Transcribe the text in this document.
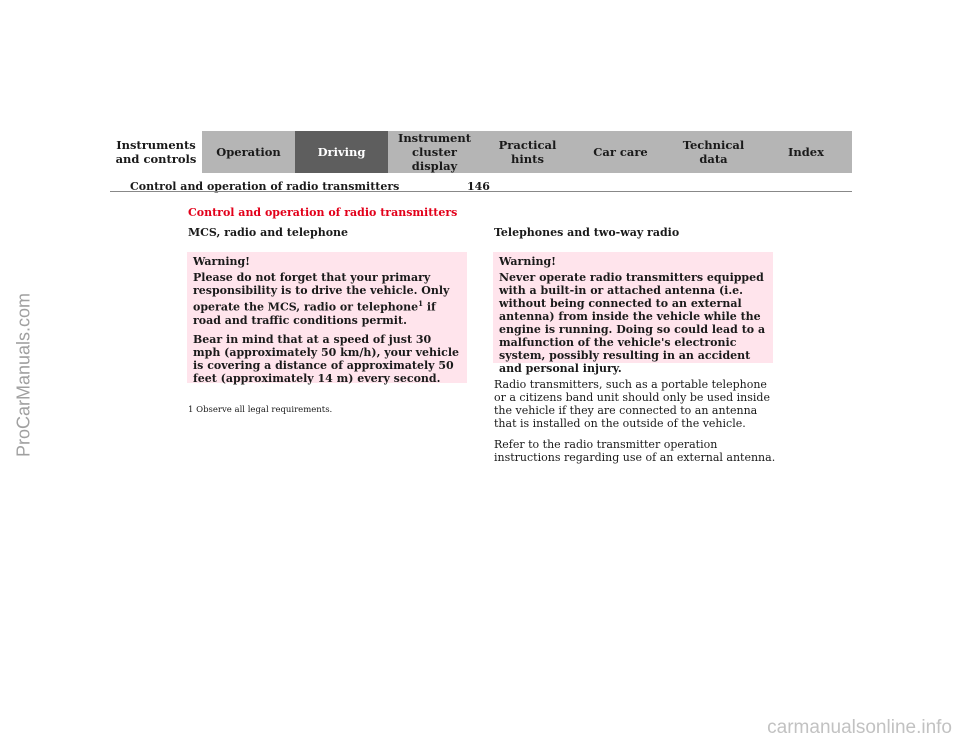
ProCarManuals.com
Instruments
and controls Operation	Driving
Instrument
cluster display
Practical hints	Car care	Technical
data	Index
Control and operation of radio transmitters	146
Control and operation of radio transmitters
MCS, radio and telephone

Warning!

Please do not forget that your primary responsibility is to drive the vehicle. Only operate the MCS, radio or telephone$^1$ if road and traffic conditions permit.

Bear in mind that at a speed of just 30 mph (approximately 50 km/h), your vehicle is covering a distance of approximately 50 feet (approximately 14 m) every second.

1 Observe all legal requirements.
Telephones and two-way radio

Warning!

Never operate radio transmitters equipped with a built-in or attached antenna (i.e. without being connected to an external antenna) from inside the vehicle while the engine is running. Doing so could lead to a malfunction of the vehicle's electronic system, possibly resulting in an accident and personal injury.

Radio transmitters, such as a portable telephone or a citizens band unit should only be used inside the vehicle if they are connected to an antenna that is installed on the outside of the vehicle.

Refer to the radio transmitter operation instructions regarding use of an external antenna.

carmanualsonline.info
